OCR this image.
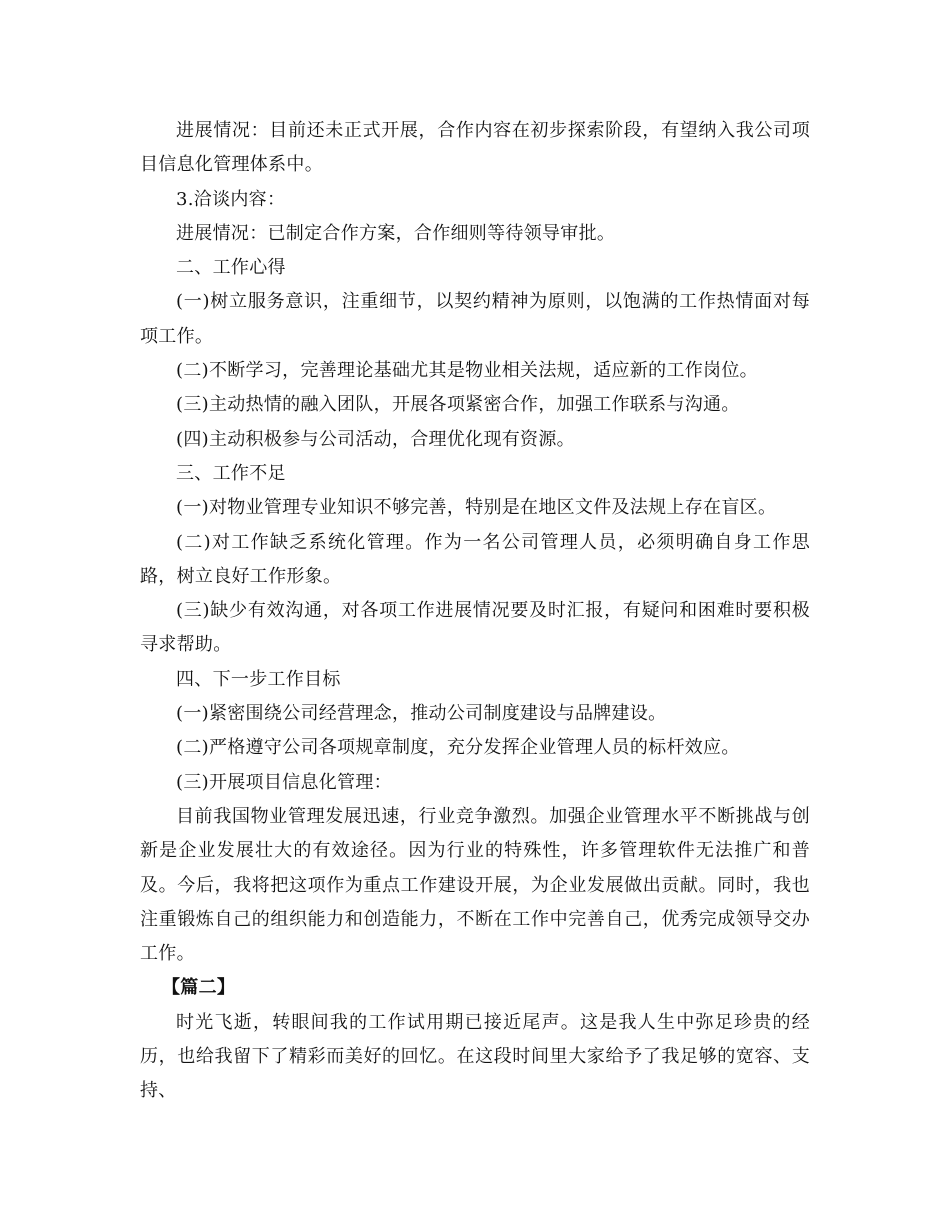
进展情况：目前还未正式开展，合作内容在初步探索阶段，有望纳入我公司项目信息化管理体系中。

3.洽谈内容：

进展情况：已制定合作方案，合作细则等待领导审批。

二、工作心得

(一)树立服务意识，注重细节，以契约精神为原则，以饱满的工作热情面对每项工作。

(二)不断学习，完善理论基础尤其是物业相关法规，适应新的工作岗位。

(三)主动热情的融入团队，开展各项紧密合作，加强工作联系与沟通。

(四)主动积极参与公司活动，合理优化现有资源。

三、工作不足

(一)对物业管理专业知识不够完善，特别是在地区文件及法规上存在盲区。

(二)对工作缺乏系统化管理。作为一名公司管理人员，必须明确自身工作思路，树立良好工作形象。

(三)缺少有效沟通，对各项工作进展情况要及时汇报，有疑问和困难时要积极寻求帮助。

四、下一步工作目标

(一)紧密围绕公司经营理念，推动公司制度建设与品牌建设。

(二)严格遵守公司各项规章制度，充分发挥企业管理人员的标杆效应。

(三)开展项目信息化管理：

目前我国物业管理发展迅速，行业竞争激烈。加强企业管理水平不断挑战与创新是企业发展壮大的有效途径。因为行业的特殊性，许多管理软件无法推广和普及。今后，我将把这项作为重点工作建设开展，为企业发展做出贡献。同时，我也注重锻炼自己的组织能力和创造能力，不断在工作中完善自己，优秀完成领导交办工作。

【篇二】

时光飞逝，转眼间我的工作试用期已接近尾声。这是我人生中弥足珍贵的经历，也给我留下了精彩而美好的回忆。在这段时间里大家给予了我足够的宽容、支持、
